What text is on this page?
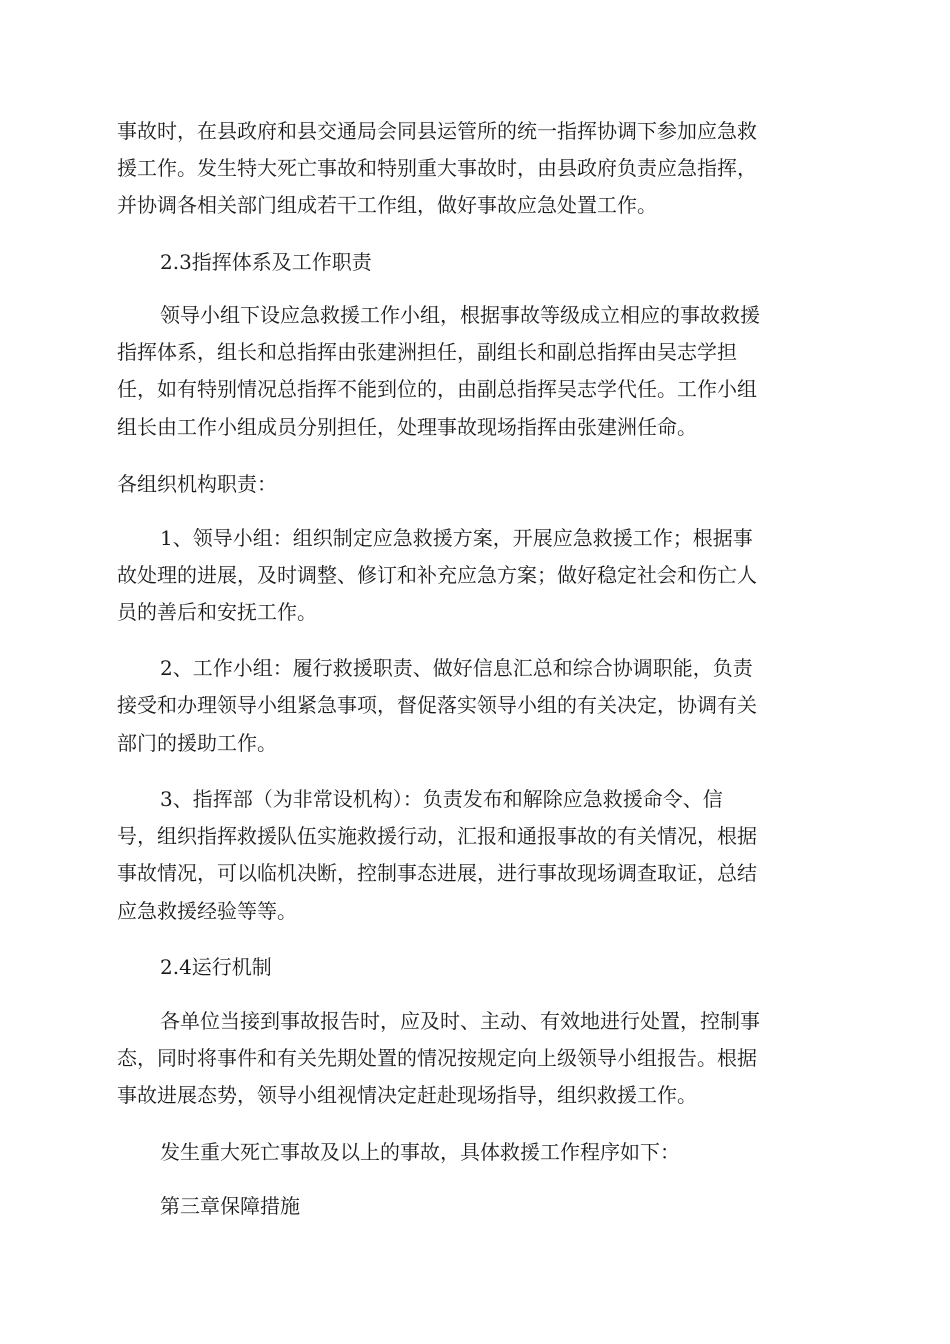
事故时，在县政府和县交通局会同县运管所的统一指挥协调下参加应急救
援工作。发生特大死亡事故和特别重大事故时，由县政府负责应急指挥，
并协调各相关部门组成若干工作组，做好事故应急处置工作。
2.3指挥体系及工作职责
领导小组下设应急救援工作小组，根据事故等级成立相应的事故救援
指挥体系，组长和总指挥由张建洲担任，副组长和副总指挥由吴志学担
任，如有特别情况总指挥不能到位的，由副总指挥吴志学代任。工作小组
组长由工作小组成员分别担任，处理事故现场指挥由张建洲任命。
各组织机构职责：
1、领导小组：组织制定应急救援方案，开展应急救援工作；根据事
故处理的进展，及时调整、修订和补充应急方案；做好稳定社会和伤亡人
员的善后和安抚工作。
2、工作小组：履行救援职责、做好信息汇总和综合协调职能，负责
接受和办理领导小组紧急事项，督促落实领导小组的有关决定，协调有关
部门的援助工作。
3、指挥部（为非常设机构）：负责发布和解除应急救援命令、信
号，组织指挥救援队伍实施救援行动，汇报和通报事故的有关情况，根据
事故情况，可以临机决断，控制事态进展，进行事故现场调查取证，总结
应急救援经验等等。
2.4运行机制
各单位当接到事故报告时，应及时、主动、有效地进行处置，控制事
态，同时将事件和有关先期处置的情况按规定向上级领导小组报告。根据
事故进展态势，领导小组视情决定赶赴现场指导，组织救援工作。
发生重大死亡事故及以上的事故，具体救援工作程序如下：
第三章保障措施
